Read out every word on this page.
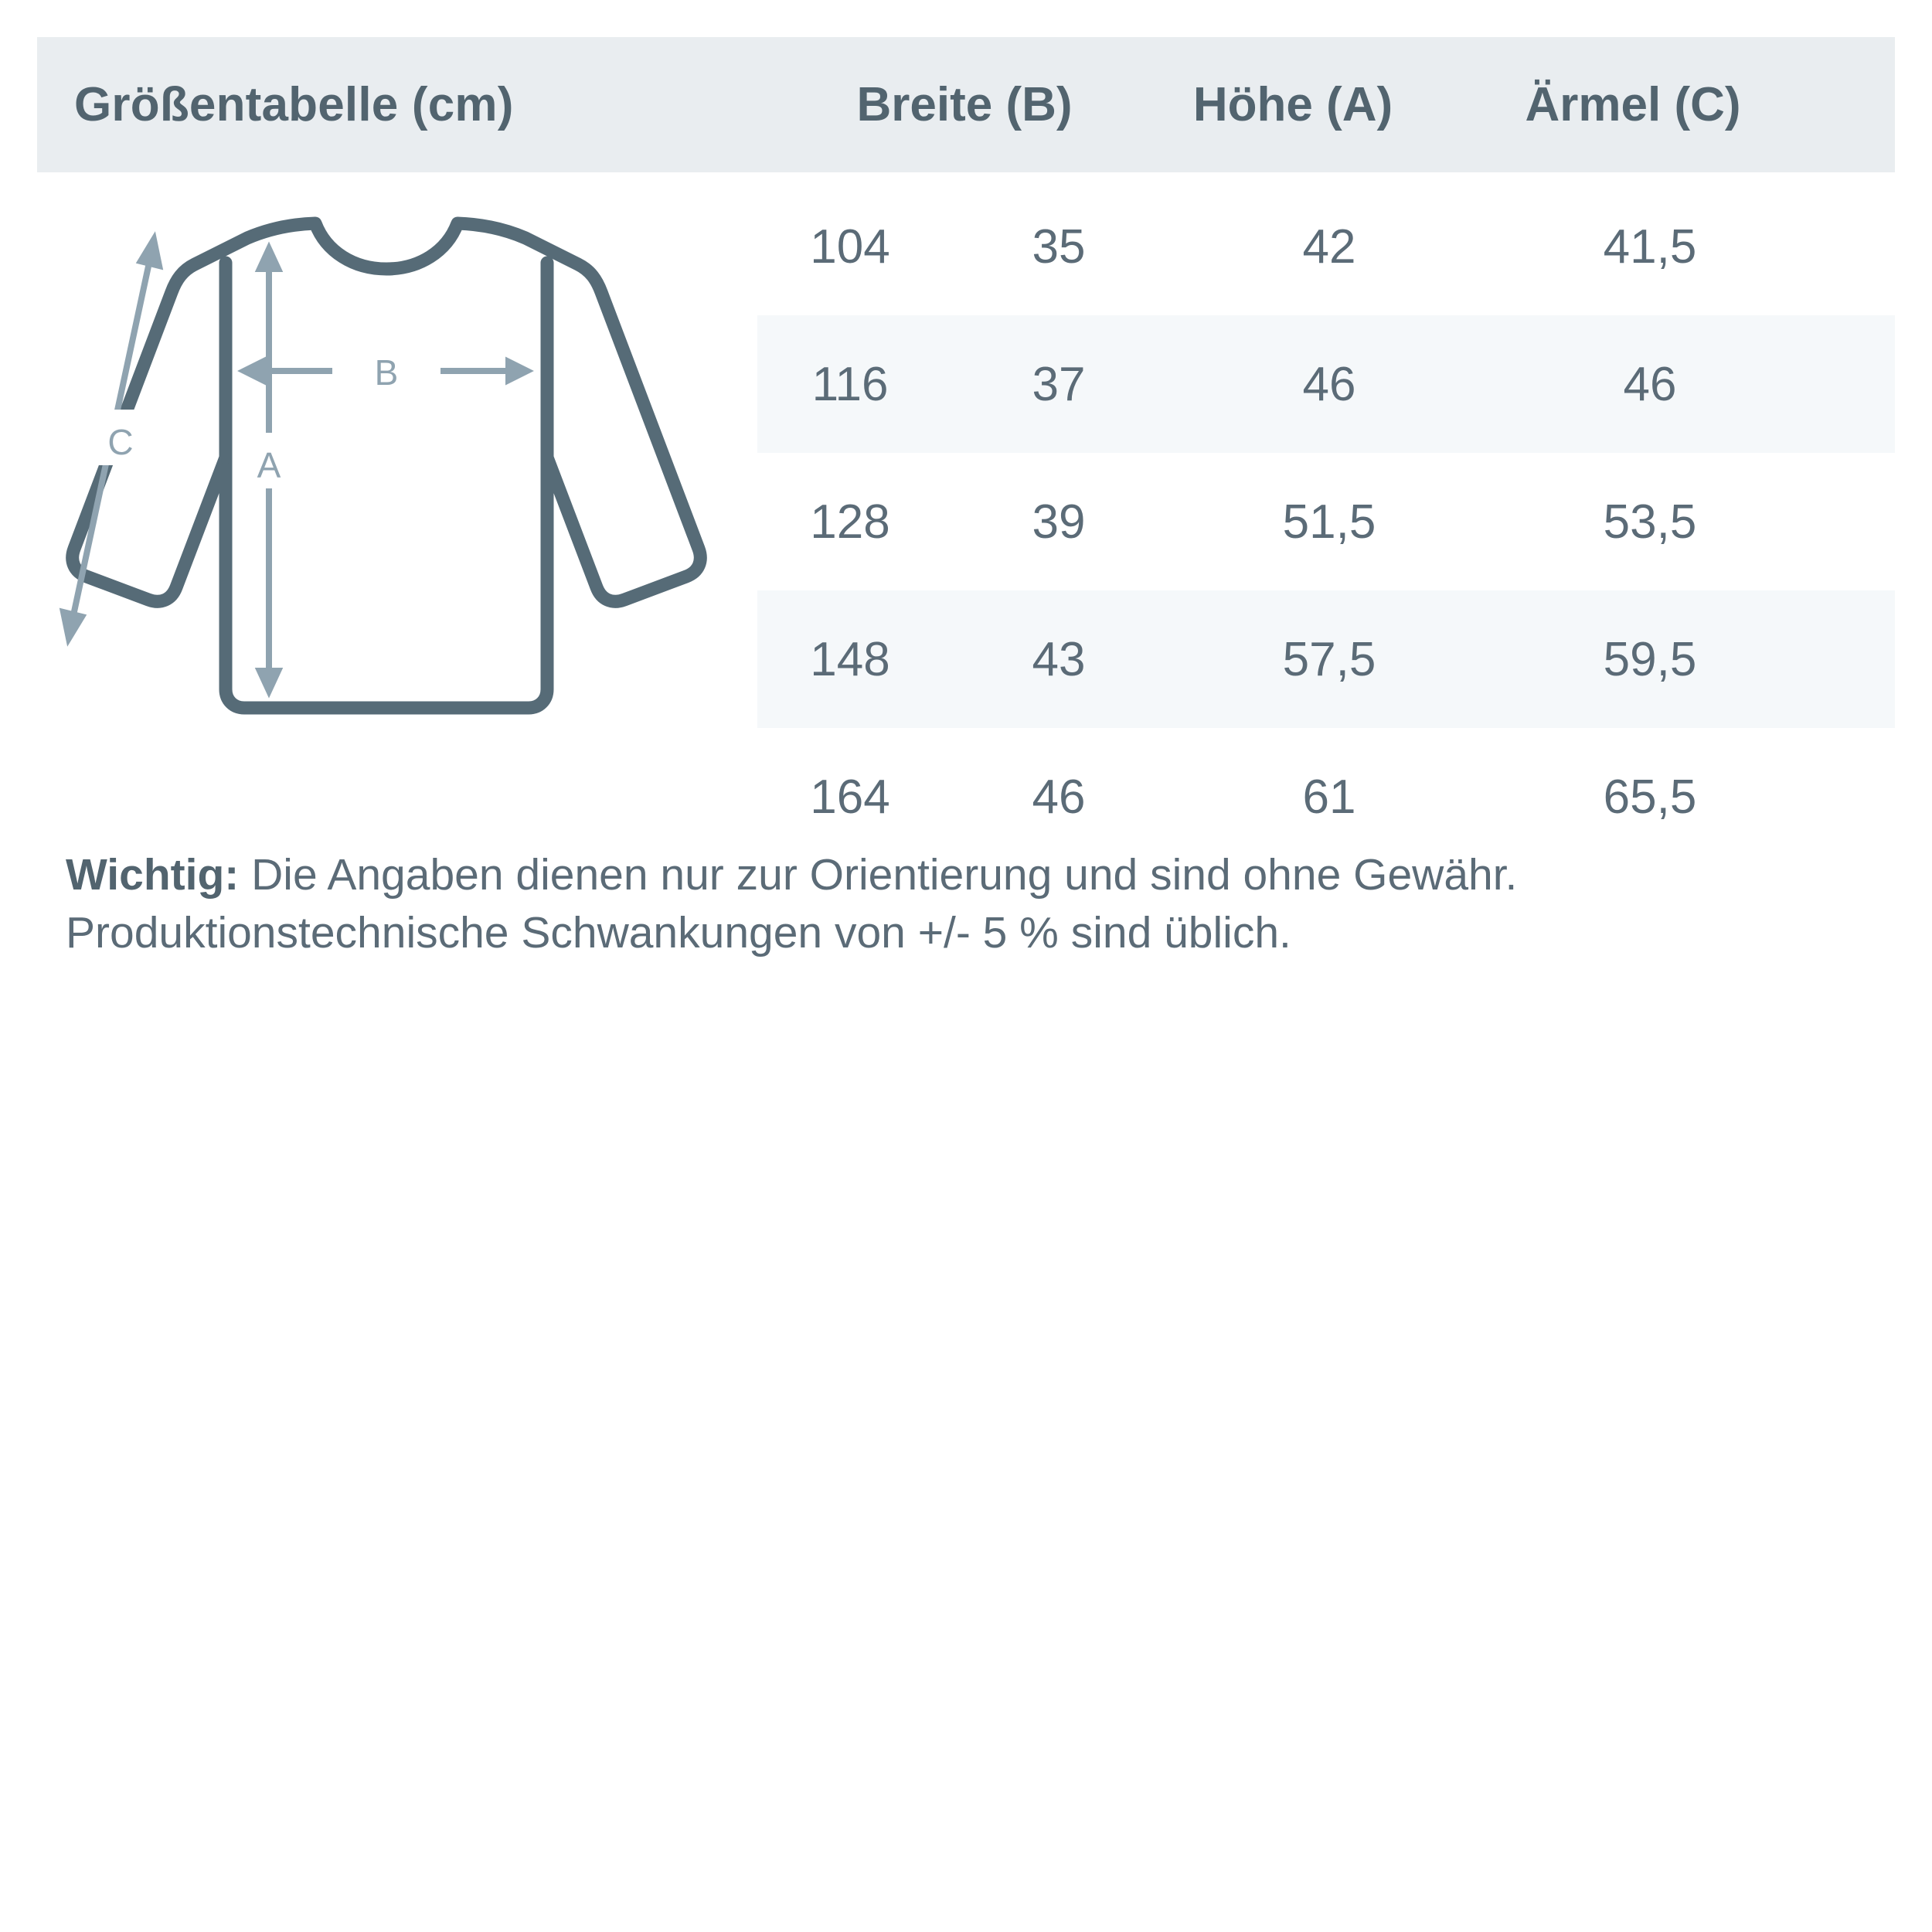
Größentabelle (cm)	Breite (B)	Höhe (A)	Ärmel (C)
B
A
C
104	35	42	41,5
116	37	46	46
128	39	51,5	53,5
148	43	57,5	59,5
164	46	61	65,5
Wichtig: Die Angaben dienen nur zur Orientierung und sind ohne Gewähr. Produktionstechnische Schwankungen von +/- 5 % sind üblich.
